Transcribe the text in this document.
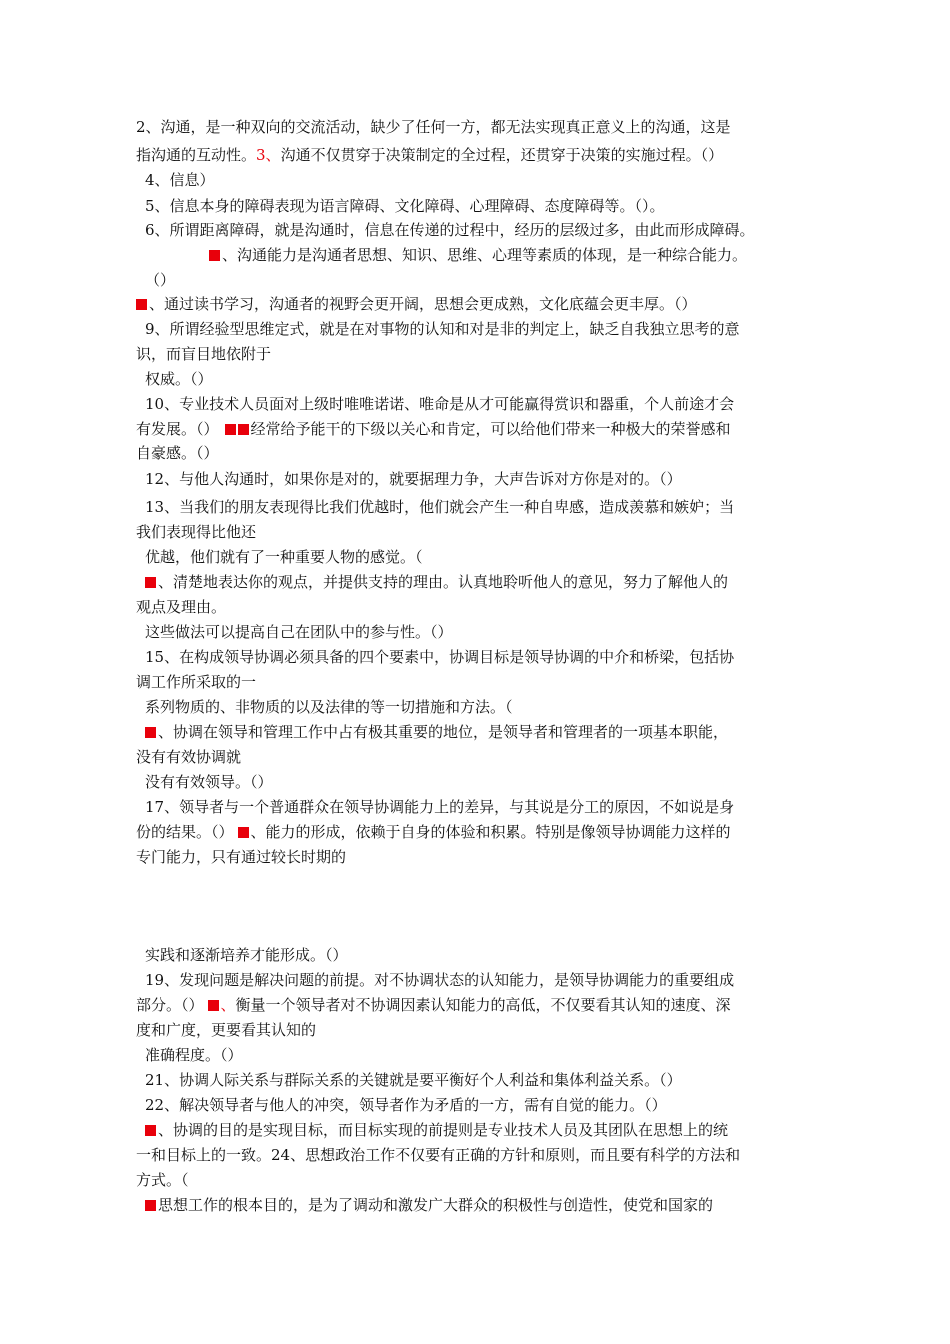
2、沟通，是一种双向的交流活动，缺少了任何一方，都无法实现真正意义上的沟通，这是
指沟通的互动性。3、沟通不仅贯穿于决策制定的全过程，还贯穿于决策的实施过程。（）
4、信息）
5、信息本身的障碍表现为语言障碍、文化障碍、心理障碍、态度障碍等。（）。
6、所谓距离障碍，就是沟通时，信息在传递的过程中，经历的层级过多，由此而形成障碍。
、沟通能力是沟通者思想、知识、思维、心理等素质的体现，是一种综合能力。
（）
、通过读书学习，沟通者的视野会更开阔，思想会更成熟，文化底蕴会更丰厚。（）
9、所谓经验型思维定式，就是在对事物的认知和对是非的判定上，缺乏自我独立思考的意
识，而盲目地依附于
权威。（）
10、专业技术人员面对上级时唯唯诺诺、唯命是从才可能赢得赏识和器重，个人前途才会
有发展。（） 经常给予能干的下级以关心和肯定，可以给他们带来一种极大的荣誉感和
自豪感。（）
12、与他人沟通时，如果你是对的，就要据理力争，大声告诉对方你是对的。（）
13、当我们的朋友表现得比我们优越时，他们就会产生一种自卑感，造成羡慕和嫉妒；当
我们表现得比他还
优越，他们就有了一种重要人物的感觉。（
、清楚地表达你的观点，并提供支持的理由。认真地聆听他人的意见，努力了解他人的
观点及理由。
这些做法可以提高自己在团队中的参与性。（）
15、在构成领导协调必须具备的四个要素中，协调目标是领导协调的中介和桥梁，包括协
调工作所采取的一
系列物质的、非物质的以及法律的等一切措施和方法。（
、协调在领导和管理工作中占有极其重要的地位，是领导者和管理者的一项基本职能，
没有有效协调就
没有有效领导。（）
17、领导者与一个普通群众在领导协调能力上的差异，与其说是分工的原因，不如说是身
份的结果。（） 、能力的形成，依赖于自身的体验和积累。特别是像领导协调能力这样的
专门能力，只有通过较长时期的
实践和逐渐培养才能形成。（）
19、发现问题是解决问题的前提。对不协调状态的认知能力，是领导协调能力的重要组成
部分。（） 、衡量一个领导者对不协调因素认知能力的高低，不仅要看其认知的速度、深
度和广度，更要看其认知的
准确程度。（）
21、协调人际关系与群际关系的关键就是要平衡好个人利益和集体利益关系。（）
22、解决领导者与他人的冲突，领导者作为矛盾的一方，需有自觉的能力。（）
、协调的目的是实现目标，而目标实现的前提则是专业技术人员及其团队在思想上的统
一和目标上的一致。24、思想政治工作不仅要有正确的方针和原则，而且要有科学的方法和
方式。（
思想工作的根本目的，是为了调动和激发广大群众的积极性与创造性，使党和国家的
